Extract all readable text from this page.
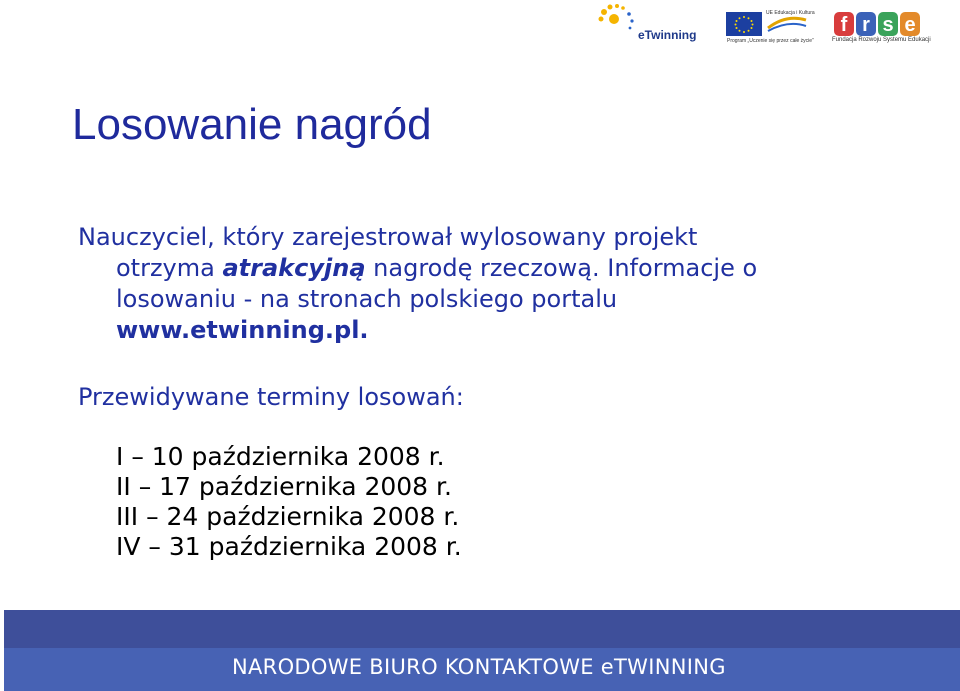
eTwinning
UE Edukacja i Kultura
Program „Uczenie się przez całe życie”
f r s e
Fundacja Rozwoju Systemu Edukacji
Losowanie nagród
Nauczyciel, który zarejestrował wylosowany projekt
otrzyma atrakcyjną nagrodę rzeczową. Informacje o
losowaniu - na stronach polskiego portalu
www.etwinning.pl.
Przewidywane terminy losowań:
I – 10 października 2008 r.
II – 17 października 2008 r.
III – 24 października 2008 r.
IV – 31 października 2008 r.
NARODOWE BIURO KONTAKTOWE eTWINNING
